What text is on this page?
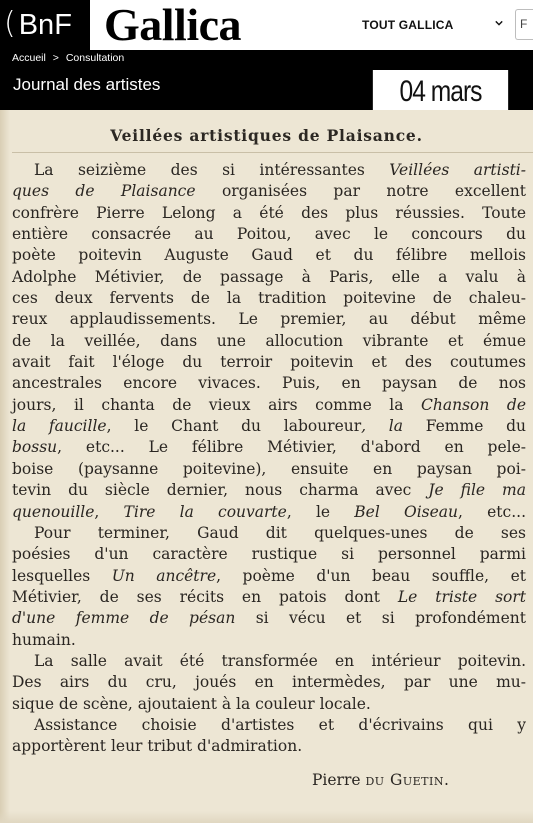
( BnF Gallica	TOUT GALLICA	F
Accueil > Consultation
Journal des artistes	04 mars
Veillées artistiques de Plaisance.
La seizième des si intéressantes Veillées artisti-
ques de Plaisance organisées par notre excellent
confrère Pierre Lelong a été des plus réussies. Toute
entière consacrée au Poitou, avec le concours du
poète poitevin Auguste Gaud et du félibre mellois
Adolphe Métivier, de passage à Paris, elle a valu à
ces deux fervents de la tradition poitevine de chaleu-
reux applaudissements. Le premier, au début même
de la veillée, dans une allocution vibrante et émue
avait fait l'éloge du terroir poitevin et des coutumes
ancestrales encore vivaces. Puis, en paysan de nos
jours, il chanta de vieux airs comme la Chanson de
la faucille, le Chant du laboureur, la Femme du
bossu, etc... Le félibre Métivier, d'abord en pele-
boise (paysanne poitevine), ensuite en paysan poi-
tevin du siècle dernier, nous charma avec Je file ma
quenouille, Tire la couvarte, le Bel Oiseau, etc...
Pour terminer, Gaud dit quelques-unes de ses
poésies d'un caractère rustique si personnel parmi
lesquelles Un ancêtre, poème d'un beau souffle, et
Métivier, de ses récits en patois dont Le triste sort
d'une femme de pésan si vécu et si profondément
humain.
La salle avait été transformée en intérieur poitevin.
Des airs du cru, joués en intermèdes, par une mu-
sique de scène, ajoutaient à la couleur locale.
Assistance choisie d'artistes et d'écrivains qui y
apportèrent leur tribut d'admiration.
Pierre du Guetin.
